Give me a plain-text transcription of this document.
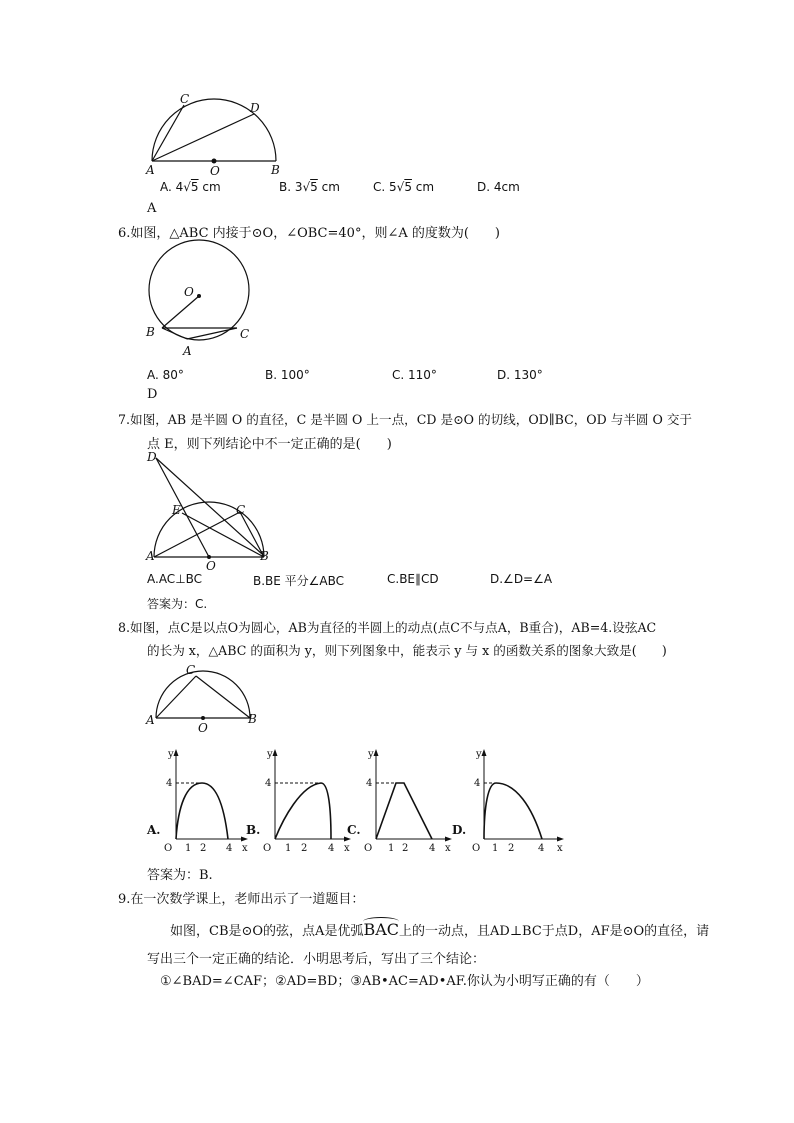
C
D
A	O	B
A. 4√5 cm	B. 3√5 cm	C. 5√5 cm	D. 4cm
A
6.如图，△ABC 内接于⊙O，∠OBC=40°，则∠A 的度数为(　　)
O
B	C
A
A. 80°	B. 100°	C. 110°	D. 130°
D
7.如图，AB 是半圆 O 的直径，C 是半圆 O 上一点，CD 是⊙O 的切线，OD∥BC，OD 与半圆 O 交于
点 E，则下列结论中不一定正确的是(　　)
D
E	C
A
O
B
A.AC⊥BC	B.BE 平分∠ABC	C.BE∥CD	D.∠D=∠A
答案为：C.
8.如图，点C是以点O为圆心，AB为直径的半圆上的动点(点C不与点A，B重合)，AB=4.设弦AC
的长为 x，△ABC 的面积为 y，则下列图象中，能表示 y 与 x 的函数关系的图象大致是(　　)
C
A
O
B
A.	B.	C.	D.
y
4
O 1 2 4 x
y
4
O 1 2 4 x
y
4
O 1 2 4 x
y
4
O 1 2 4 x
答案为：B.
9.在一次数学课上，老师出示了一道题目：
如图，CB是⊙O的弦，点A是优弧BAC上的一动点，且AD⊥BC于点D，AF是⊙O的直径，请
写出三个一定正确的结论．小明思考后，写出了三个结论：
①∠BAD=∠CAF；②AD=BD；③AB•AC=AD•AF.你认为小明写正确的有（　　）
